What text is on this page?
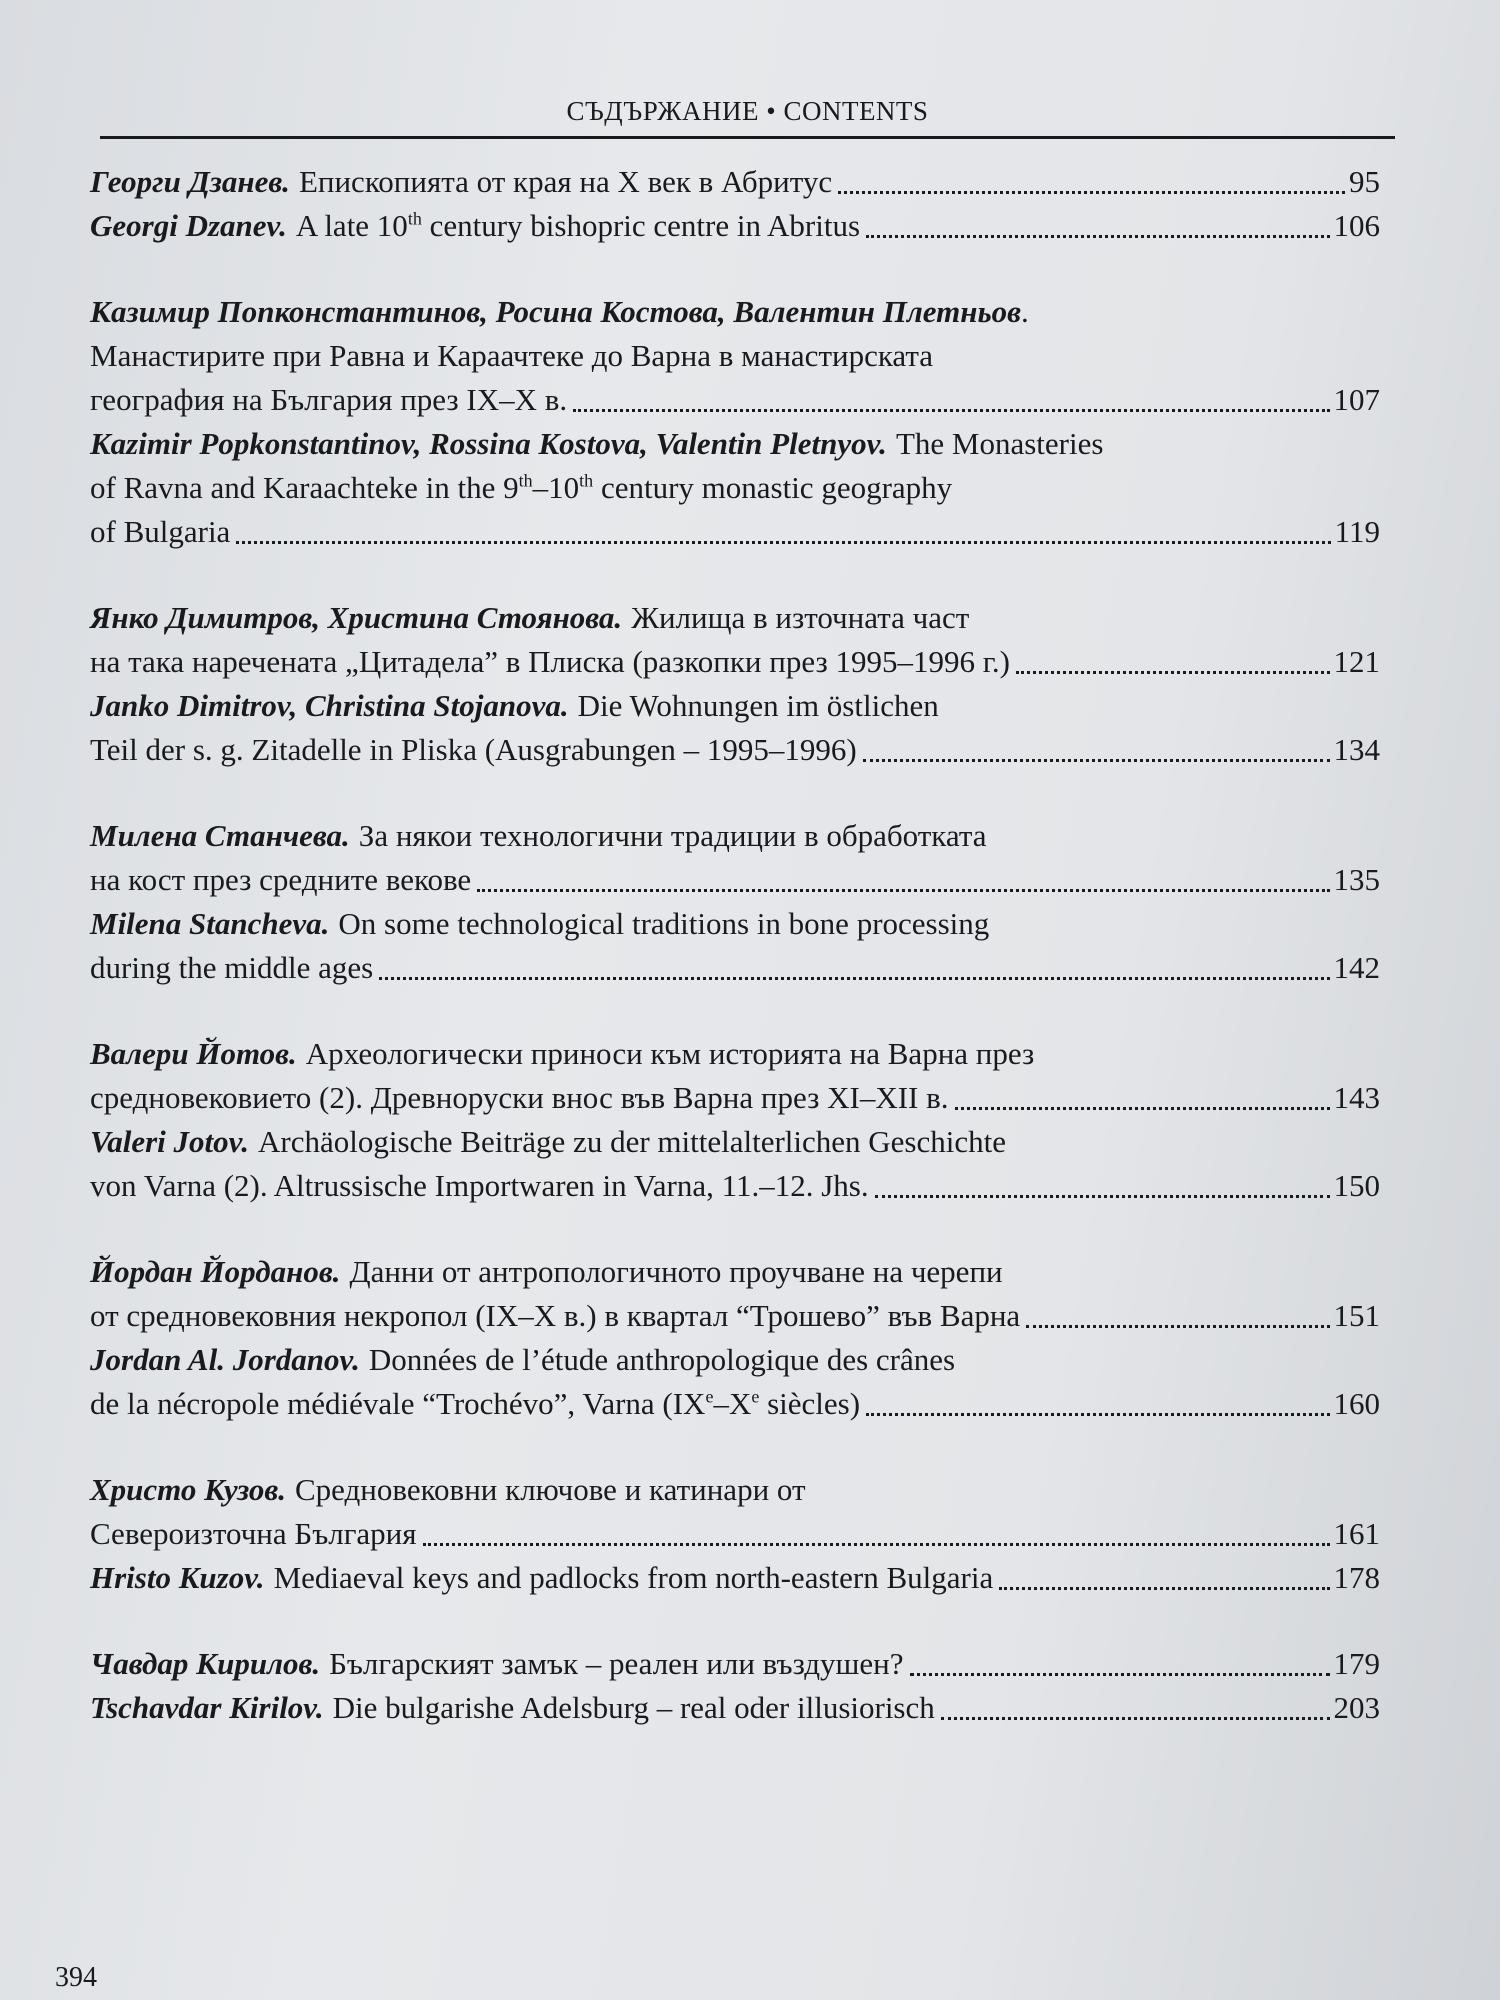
СЪДЪРЖАНИЕ • CONTENTS
Георги Дзанев. Епископията от края на X век в Абритус	95
Georgi Dzanev. A late 10th century bishopric centre in Abritus	106
Казимир Попконстантинов, Росина Костова, Валентин Плетньов .
Манастирите при Равна и Караачтеке до Варна в манастирската
география на България през IX–X в.	107
Kazimir Popkonstantinov, Rossina Kostova, Valentin Pletnyov. The Monasteries
of Ravna and Karaachteke in the 9th–10th century monastic geography
of Bulgaria	119
Янко Димитров, Христина Стоянова. Жилища в източната част
на така наречената „Цитадела” в Плиска (разкопки през 1995–1996 г.)	121
Janko Dimitrov, Christina Stojanova. Die Wohnungen im östlichen
Teil der s. g. Zitadelle in Pliska (Ausgrabungen – 1995–1996)	134
Милена Станчева. За някои технологични традиции в обработката
на кост през средните векове	135
Milena Stancheva. On some technological traditions in bone processing
during the middle ages	142
Валери Йотов. Археологически приноси към историята на Варна през
средновековието (2). Древноруски внос във Варна през XI–XII в.	143
Valeri Jotov. Archäologische Beiträge zu der mittelalterlichen Geschichte
von Varna (2). Altrussische Importwaren in Varna, 11.–12. Jhs.	150
Йордан Йорданов. Данни от антропологичното проучване на черепи
от средновековния некропол (IX–X в.) в квартал “Трошево” във Варна	151
Jordan Al. Jordanov. Données de l’étude anthropologique des crânes
de la nécropole médiévale “Trochévo”, Varna (IXe–Xe siècles)	160
Христо Кузов. Средновековни ключове и катинари от
Североизточна България	161
Hristo Kuzov. Mediaeval keys and padlocks from north-eastern Bulgaria	178
Чавдар Кирилов. Българският замък – реален или въздушен?	179
Tschavdar Kirilov. Die bulgarishe Adelsburg – real oder illusiorisch	203
394
